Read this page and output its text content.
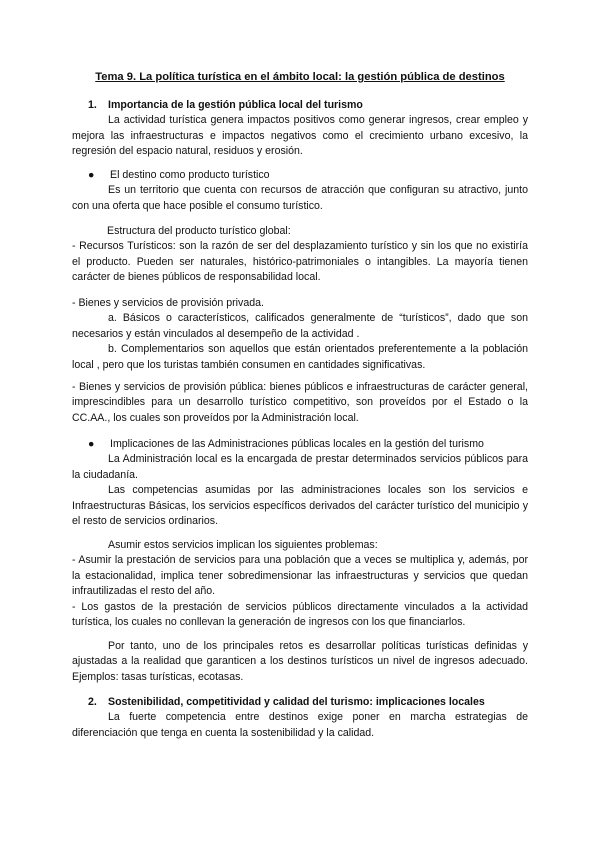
Tema 9. La política turística en el ámbito local: la gestión pública de destinos

1. Importancia de la gestión pública local del turismo

La actividad turística genera impactos positivos como generar ingresos, crear empleo y mejora las infraestructuras e impactos negativos como el crecimiento urbano excesivo, la regresión del espacio natural, residuos y erosión.

● El destino como producto turístico

Es un territorio que cuenta con recursos de atracción que configuran su atractivo, junto con una oferta que hace posible el consumo turístico.

Estructura del producto turístico global:

- Recursos Turísticos: son la razón de ser del desplazamiento turístico y sin los que no existiría el producto. Pueden ser naturales, histórico-patrimoniales o intangibles. La mayoría tienen carácter de bienes públicos de responsabilidad local.

- Bienes y servicios de provisión privada.

a. Básicos o característicos, calificados generalmente de “turísticos”, dado que son necesarios y están vinculados al desempeño de la actividad .

b. Complementarios son aquellos que están orientados preferentemente a la población local , pero que los turistas también consumen en cantidades significativas.

- Bienes y servicios de provisión pública: bienes públicos e infraestructuras de carácter general, imprescindibles para un desarrollo turístico competitivo, son proveídos por el Estado o la CC.AA., los cuales son proveídos por la Administración local.

● Implicaciones de las Administraciones públicas locales en la gestión del turismo

La Administración local es la encargada de prestar determinados servicios públicos para la ciudadanía.

Las competencias asumidas por las administraciones locales son los servicios e Infraestructuras Básicas, los servicios específicos derivados del carácter turístico del municipio y el resto de servicios ordinarios.

Asumir estos servicios implican los siguientes problemas:

- Asumir la prestación de servicios para una población que a veces se multiplica y, además, por la estacionalidad, implica tener sobredimensionar las infraestructuras y servicios que quedan infrautilizadas el resto del año.

- Los gastos de la prestación de servicios públicos directamente vinculados a la actividad turística, los cuales no conllevan la generación de ingresos con los que financiarlos.

Por tanto, uno de los principales retos es desarrollar políticas turísticas definidas y ajustadas a la realidad que garanticen a los destinos turísticos un nivel de ingresos adecuado. Ejemplos: tasas turísticas, ecotasas.

2. Sostenibilidad, competitividad y calidad del turismo: implicaciones locales

La fuerte competencia entre destinos exige poner en marcha estrategias de diferenciación que tenga en cuenta la sostenibilidad y la calidad.
